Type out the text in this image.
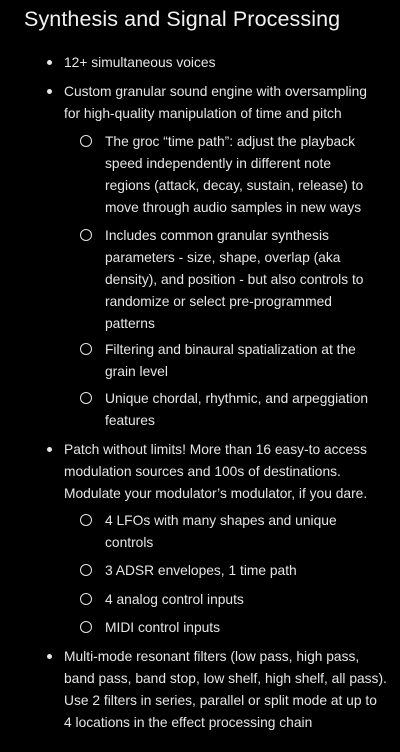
Synthesis and Signal Processing
12+ simultaneous voices
Custom granular sound engine with oversampling
for high-quality manipulation of time and pitch
The groc “time path”: adjust the playback
speed independently in different note
regions (attack, decay, sustain, release) to
move through audio samples in new ways
Includes common granular synthesis
parameters - size, shape, overlap (aka
density), and position - but also controls to
randomize or select pre-programmed
patterns
Filtering and binaural spatialization at the
grain level
Unique chordal, rhythmic, and arpeggiation
features
Patch without limits! More than 16 easy-to access
modulation sources and 100s of destinations.
Modulate your modulator’s modulator, if you dare.
4 LFOs with many shapes and unique
controls
3 ADSR envelopes, 1 time path
4 analog control inputs
MIDI control inputs
Multi-mode resonant filters (low pass, high pass,
band pass, band stop, low shelf, high shelf, all pass).
Use 2 filters in series, parallel or split mode at up to
4 locations in the effect processing chain
